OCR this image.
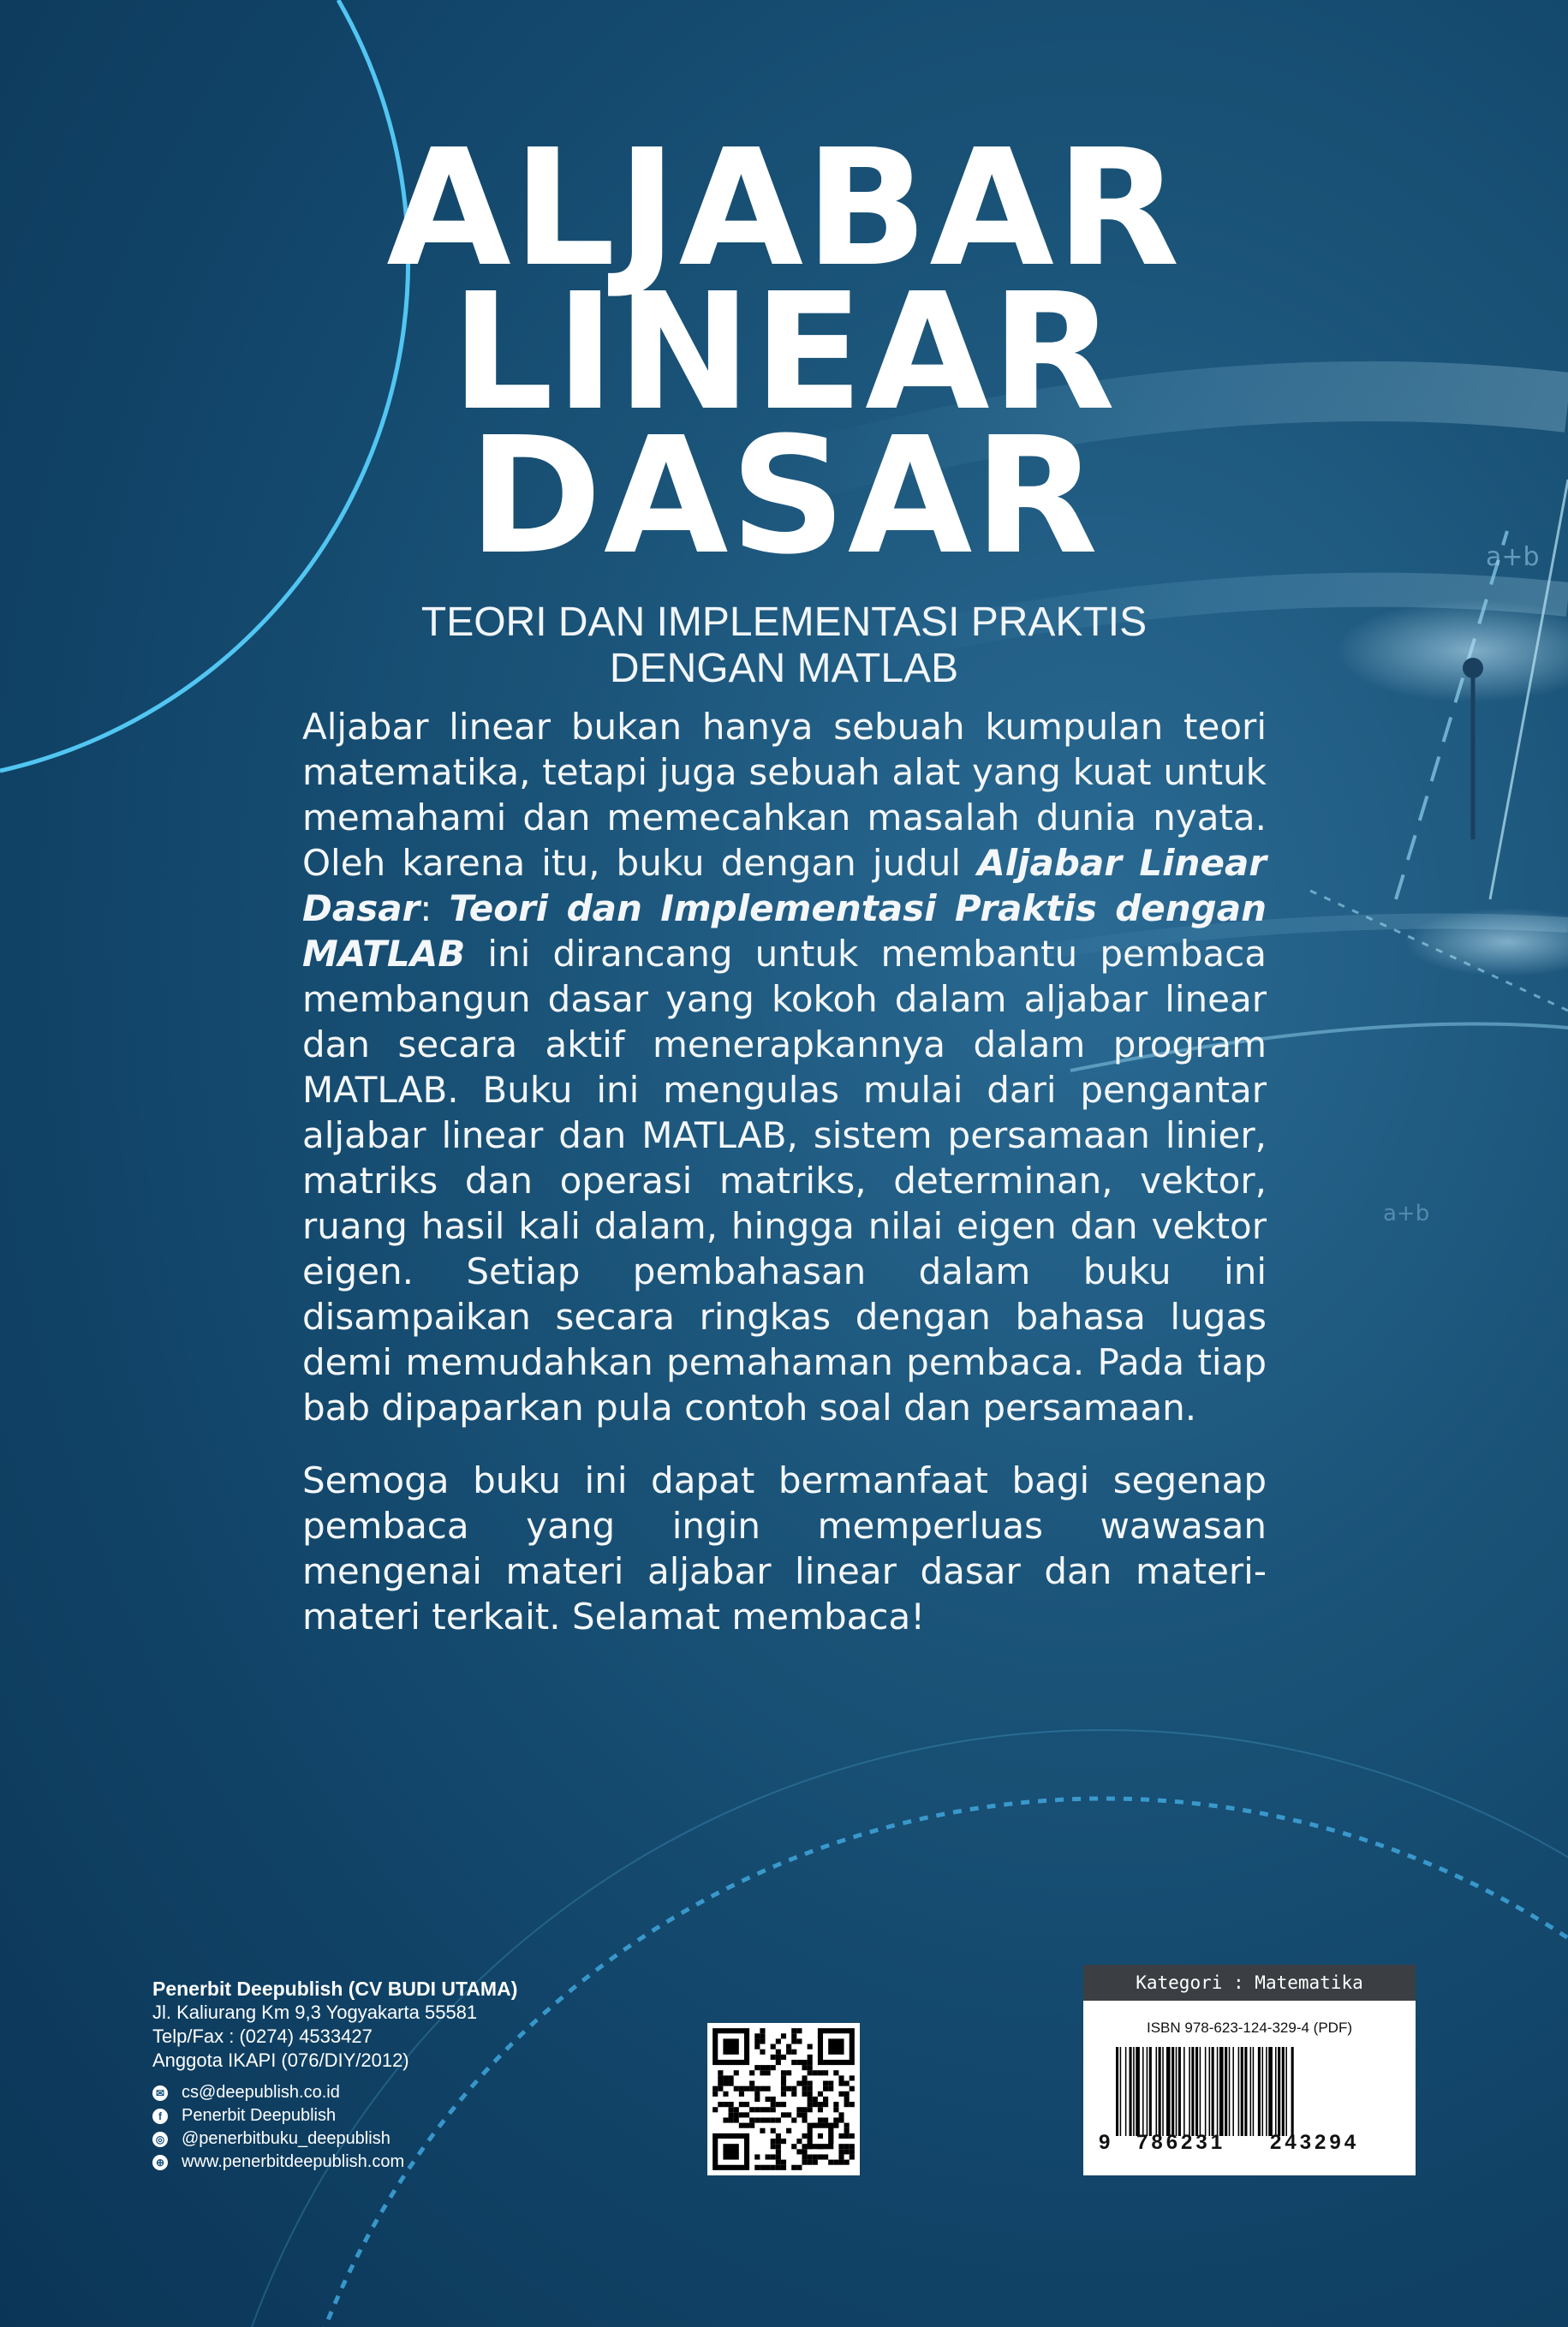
a+b
a+b
ALJABAR
LINEAR
DASAR
TEORI DAN IMPLEMENTASI PRAKTIS
DENGAN MATLAB

Aljabar linear bukan hanya sebuah kumpulan teori matematika, tetapi juga sebuah alat yang kuat untuk memahami dan memecahkan masalah dunia nyata. Oleh karena itu, buku dengan judul Aljabar Linear Dasar: Teori dan Implementasi Praktis dengan MATLAB ini dirancang untuk membantu pembaca membangun dasar yang kokoh dalam aljabar linear dan secara aktif menerapkannya dalam program MATLAB. Buku ini mengulas mulai dari pengantar aljabar linear dan MATLAB, sistem persamaan linier, matriks dan operasi matriks, determinan, vektor, ruang hasil kali dalam, hingga nilai eigen dan vektor eigen. Setiap pembahasan dalam buku ini disampaikan secara ringkas dengan bahasa lugas demi memudahkan pemahaman pembaca. Pada tiap bab dipaparkan pula contoh soal dan persamaan.

Semoga buku ini dapat bermanfaat bagi segenap pembaca yang ingin memperluas wawasan mengenai materi aljabar linear dasar dan materi-materi terkait. Selamat membaca!

Penerbit Deepublish (CV BUDI UTAMA)
Jl. Kaliurang Km 9,3 Yogyakarta 55581
Telp/Fax : (0274) 4533427
Anggota IKAPI (076/DIY/2012)
✉ cs@deepublish.co.id
f	Penerbit Deepublish
◎ @penerbitbuku_deepublish
⊕ www.penerbitdeepublish.com
Kategori : Matematika
ISBN 978-623-124-329-4 (PDF)
9 786231 243294
